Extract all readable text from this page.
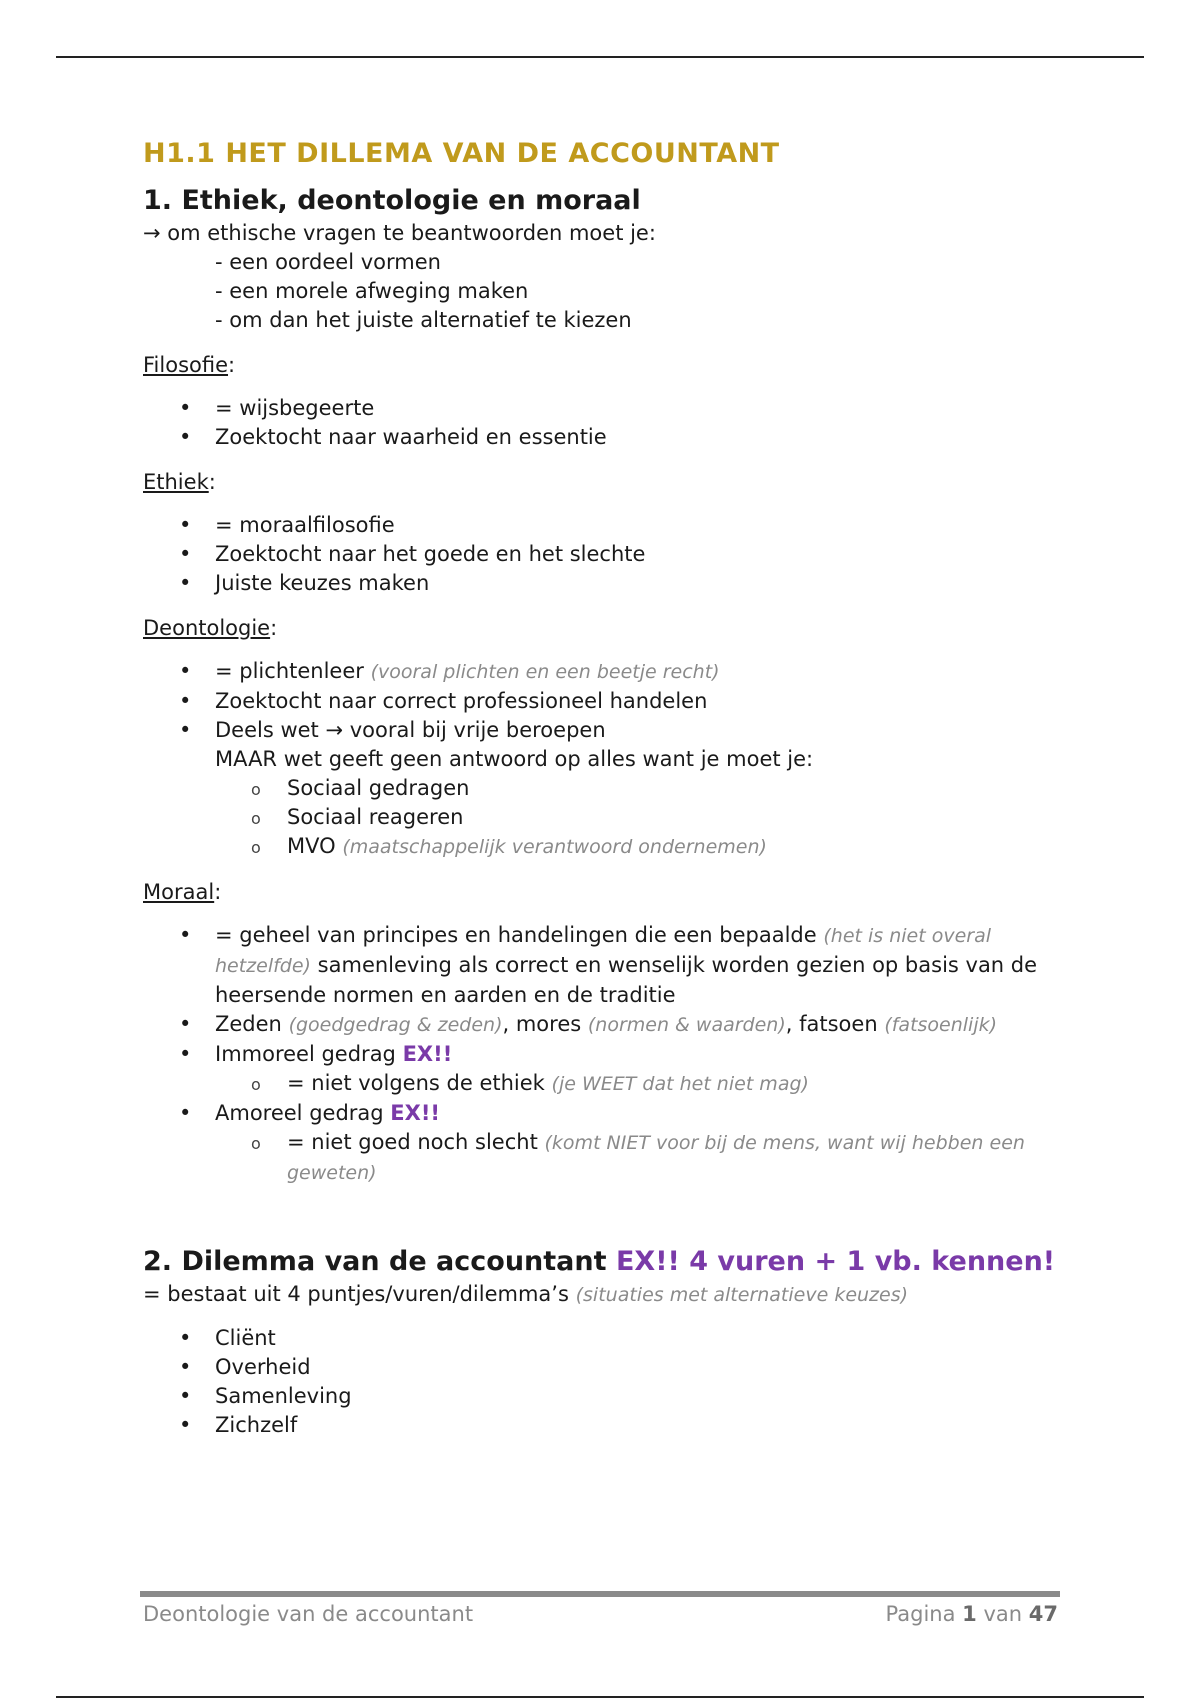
H1.1 HET DILLEMA VAN DE ACCOUNTANT
1. Ethiek, deontologie en moraal
→ om ethische vragen te beantwoorden moet je:
- een oordeel vormen
- een morele afweging maken
- om dan het juiste alternatief te kiezen
Filosofie:
• = wijsbegeerte
• Zoektocht naar waarheid en essentie
Ethiek:
• = moraalfilosofie
• Zoektocht naar het goede en het slechte
• Juiste keuzes maken
Deontologie:
• = plichtenleer (vooral plichten en een beetje recht)
• Zoektocht naar correct professioneel handelen
• Deels wet → vooral bij vrije beroepen
MAAR wet geeft geen antwoord op alles want je moet je:
o Sociaal gedragen
o Sociaal reageren
o MVO (maatschappelijk verantwoord ondernemen)
Moraal:
• = geheel van principes en handelingen die een bepaalde (het is niet overal hetzelfde) samenleving als correct en wenselijk worden gezien op basis van de heersende normen en aarden en de traditie
• Zeden (goedgedrag & zeden), mores (normen & waarden), fatsoen (fatsoenlijk)
• Immoreel gedrag EX!!
o = niet volgens de ethiek (je WEET dat het niet mag)
• Amoreel gedrag EX!!
o = niet goed noch slecht (komt NIET voor bij de mens, want wij hebben een geweten)
2. Dilemma van de accountant EX!! 4 vuren + 1 vb. kennen!
= bestaat uit 4 puntjes/vuren/dilemma’s (situaties met alternatieve keuzes)
• Cliënt
• Overheid
• Samenleving
• Zichzelf
Deontologie van de accountant	Pagina 1 van 47
